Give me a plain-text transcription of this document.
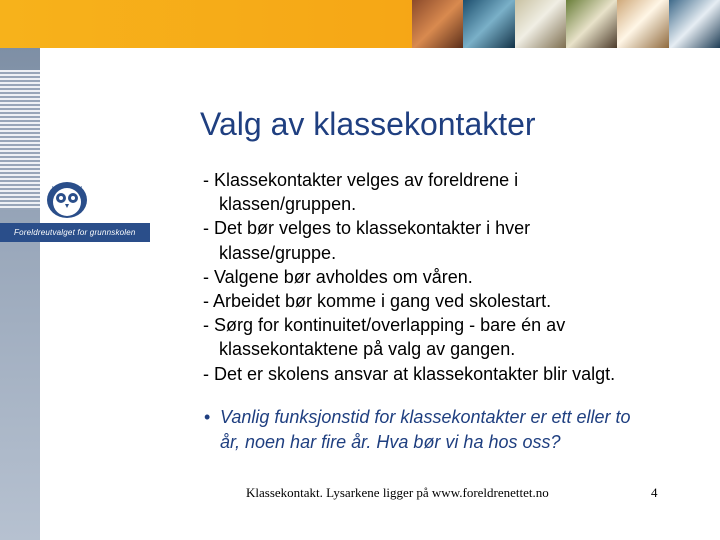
Foreldreutvalget for grunnskolen
Valg av klassekontakter
- Klassekontakter velges av foreldrene i
klassen/gruppen.
- Det bør velges to klassekontakter i hver
klasse/gruppe.
- Valgene bør avholdes om våren.
- Arbeidet bør komme i gang ved skolestart.
- Sørg for kontinuitet/overlapping - bare én av
klassekontaktene på valg av gangen.
- Det er skolens ansvar at klassekontakter blir valgt.
• Vanlig funksjonstid for klassekontakter er ett eller to
år, noen har fire år. Hva bør vi ha hos oss?
Klassekontakt. Lysarkene ligger på www.foreldrenettet.no	4
